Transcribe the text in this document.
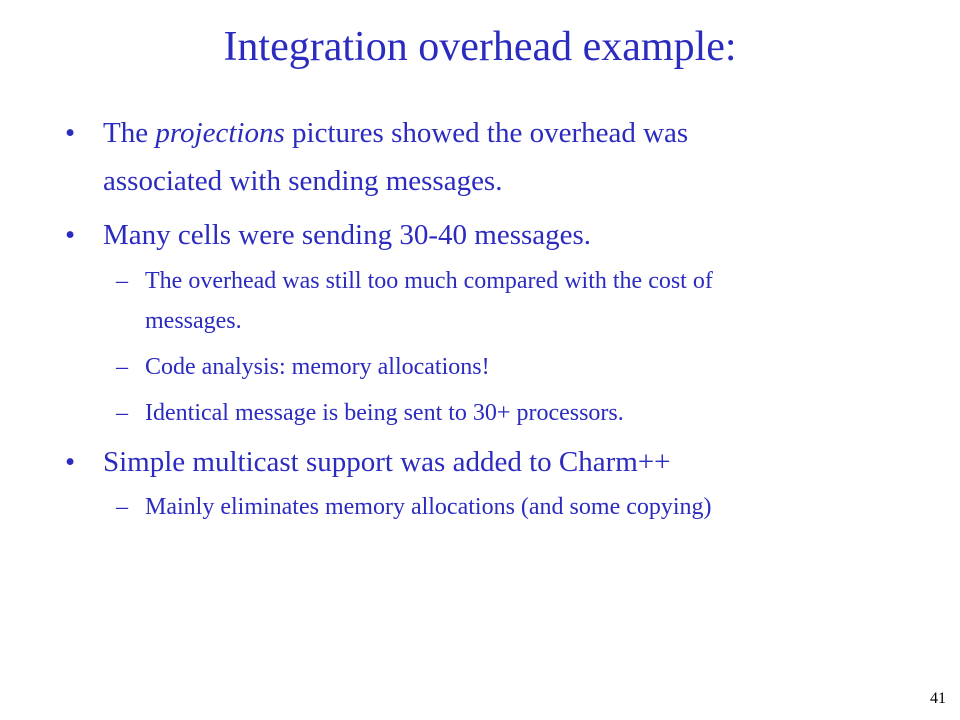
Integration overhead example:
• The projections pictures showed the overhead was
associated with sending messages.
• Many cells were sending 30-40 messages.
– The overhead was still too much compared with the cost of
messages.
– Code analysis: memory allocations!
– Identical message is being sent to 30+ processors.
• Simple multicast support was added to Charm++
– Mainly eliminates memory allocations (and some copying)
41
